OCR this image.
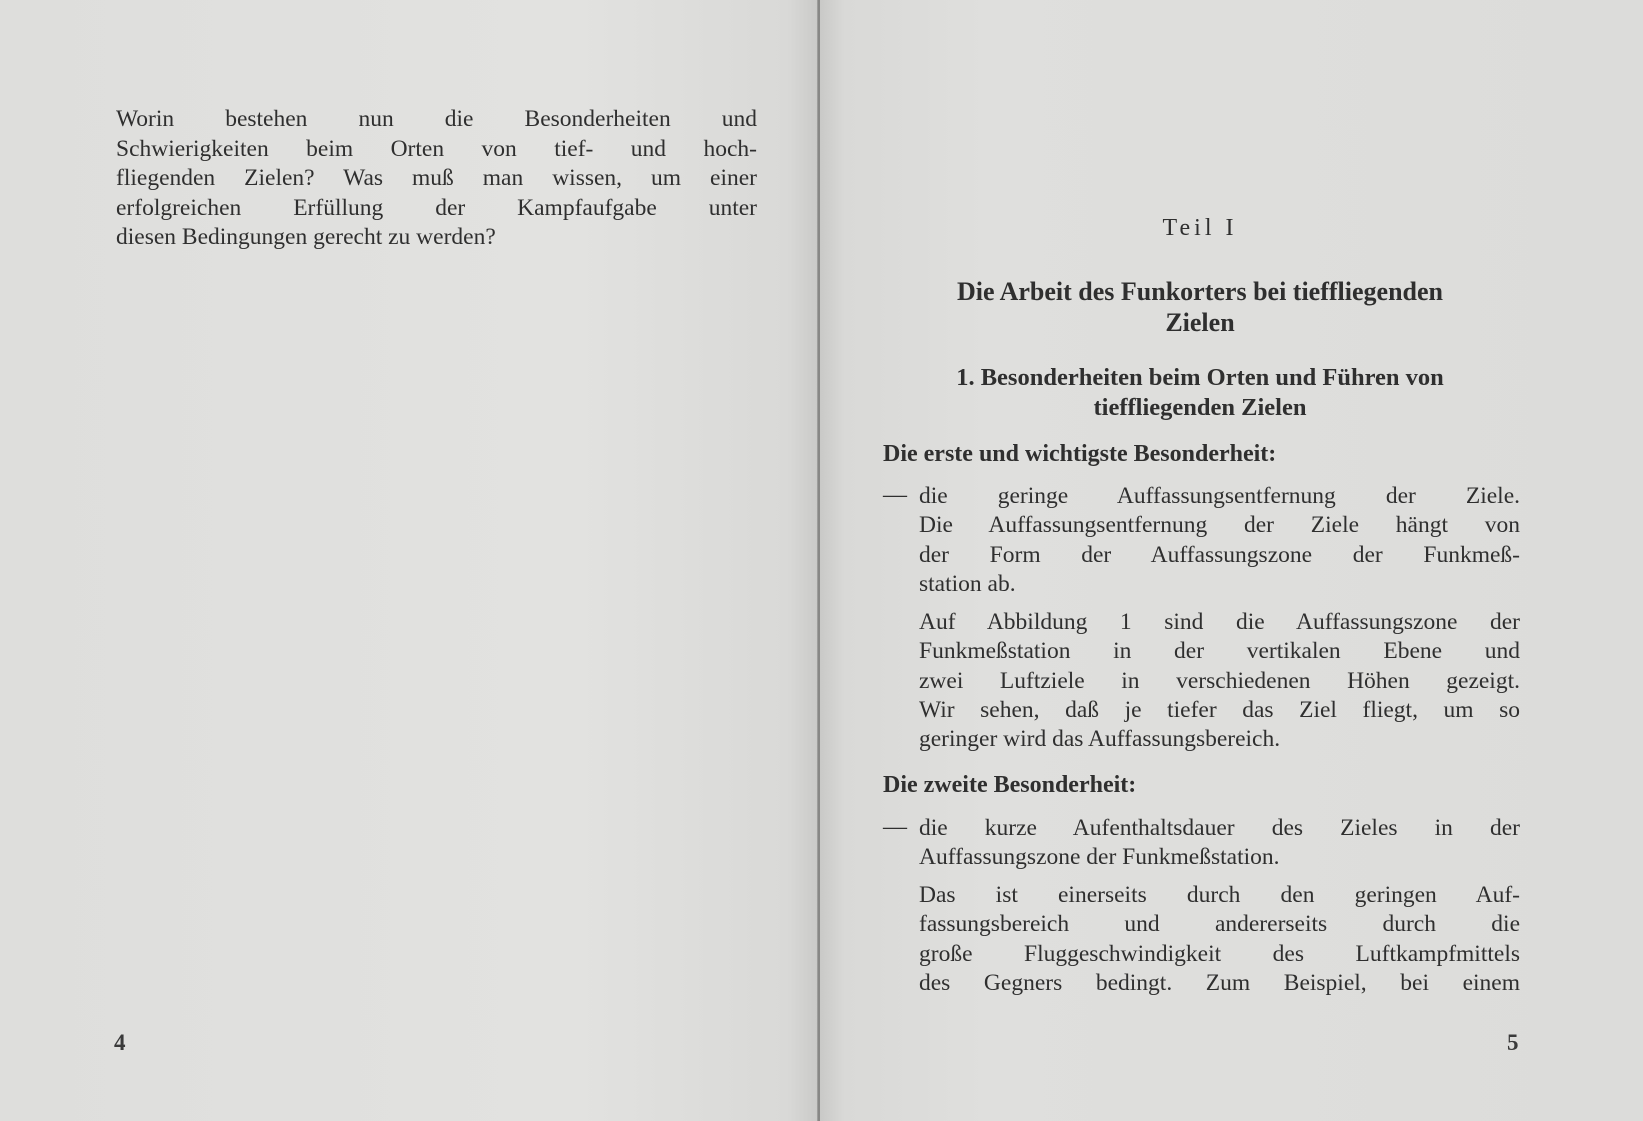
Worin bestehen nun die Besonderheiten und
Schwierigkeiten beim Orten von tief- und hoch-
fliegenden Zielen? Was muß man wissen, um einer
erfolgreichen Erfüllung der Kampfaufgabe unter
diesen Bedingungen gerecht zu werden?
4
Teil I
Die Arbeit des Funkorters bei tieffliegenden
Zielen
1. Besonderheiten beim Orten und Führen von
tieffliegenden Zielen
Die erste und wichtigste Besonderheit:
— die geringe Auffassungsentfernung der Ziele.
Die Auffassungsentfernung der Ziele hängt von
der Form der Auffassungszone der Funkmeß-
station ab.
Auf Abbildung 1 sind die Auffassungszone der
Funkmeßstation in der vertikalen Ebene und
zwei Luftziele in verschiedenen Höhen gezeigt.
Wir sehen, daß je tiefer das Ziel fliegt, um so
geringer wird das Auffassungsbereich.
Die zweite Besonderheit:
— die kurze Aufenthaltsdauer des Zieles in der
Auffassungszone der Funkmeßstation.
Das ist einerseits durch den geringen Auf-
fassungsbereich und andererseits durch die
große Fluggeschwindigkeit des Luftkampfmittels
des Gegners bedingt. Zum Beispiel, bei einem
5
